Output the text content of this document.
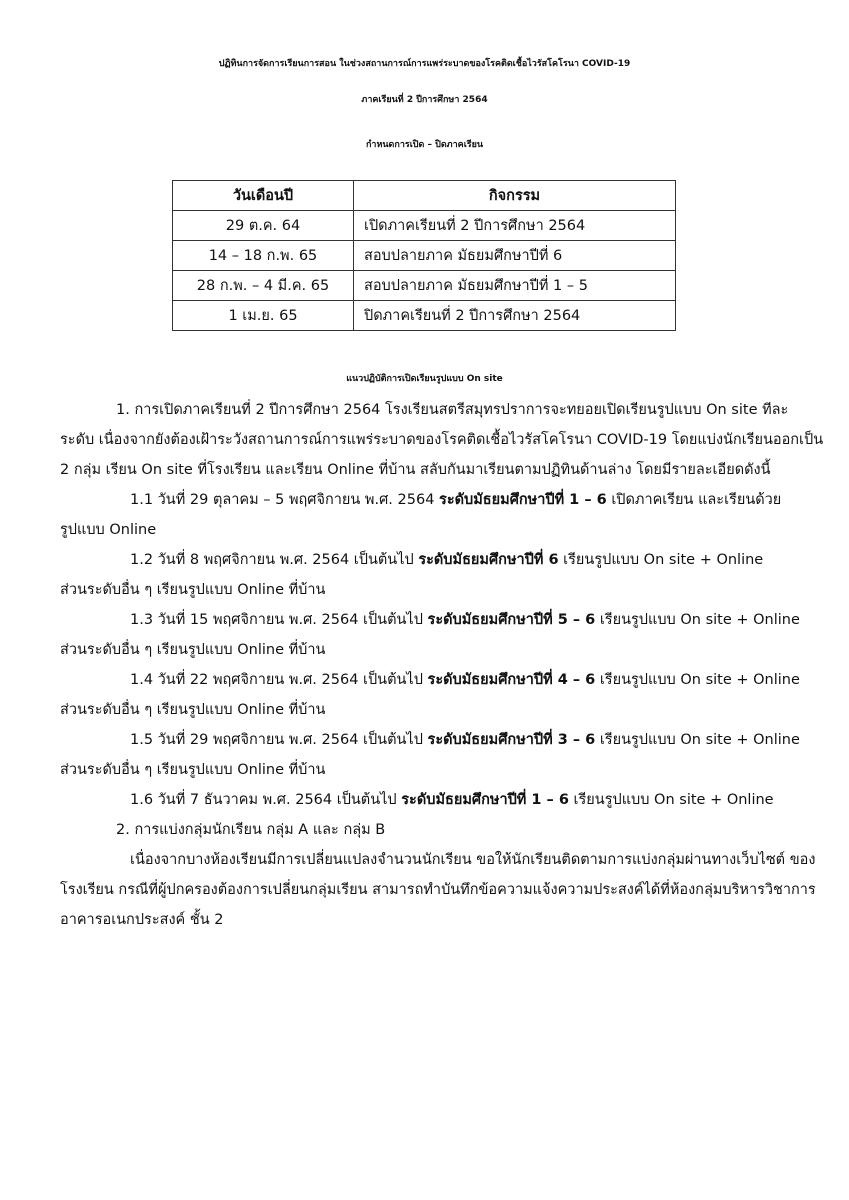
ปฏิทินการจัดการเรียนการสอน ในช่วงสถานการณ์การแพร่ระบาดของโรคติดเชื้อไวรัสโคโรนา COVID-19
ภาคเรียนที่ 2 ปีการศึกษา 2564
กำหนดการเปิด – ปิดภาคเรียน
วันเดือนปี	กิจกรรม
29 ต.ค. 64	เปิดภาคเรียนที่ 2 ปีการศึกษา 2564
14 – 18 ก.พ. 65	สอบปลายภาค มัธยมศึกษาปีที่ 6
28 ก.พ. – 4 มี.ค. 65	สอบปลายภาค มัธยมศึกษาปีที่ 1 – 5
1 เม.ย. 65	ปิดภาคเรียนที่ 2 ปีการศึกษา 2564
แนวปฏิบัติการเปิดเรียนรูปแบบ On site
1. การเปิดภาคเรียนที่ 2 ปีการศึกษา 2564 โรงเรียนสตรีสมุทรปราการจะทยอยเปิดเรียนรูปแบบ On site ทีละ
ระดับ เนื่องจากยังต้องเฝ้าระวังสถานการณ์การแพร่ระบาดของโรคติดเชื้อไวรัสโคโรนา COVID-19 โดยแบ่งนักเรียนออกเป็น
2 กลุ่ม เรียน On site ที่โรงเรียน และเรียน Online ที่บ้าน สลับกันมาเรียนตามปฏิทินด้านล่าง โดยมีรายละเอียดดังนี้
1.1 วันที่ 29 ตุลาคม – 5 พฤศจิกายน พ.ศ. 2564 ระดับมัธยมศึกษาปีที่ 1 – 6 เปิดภาคเรียน และเรียนด้วย
รูปแบบ Online
1.2 วันที่ 8 พฤศจิกายน พ.ศ. 2564 เป็นต้นไป ระดับมัธยมศึกษาปีที่ 6 เรียนรูปแบบ On site + Online
ส่วนระดับอื่น ๆ เรียนรูปแบบ Online ที่บ้าน
1.3 วันที่ 15 พฤศจิกายน พ.ศ. 2564 เป็นต้นไป ระดับมัธยมศึกษาปีที่ 5 – 6 เรียนรูปแบบ On site + Online
ส่วนระดับอื่น ๆ เรียนรูปแบบ Online ที่บ้าน
1.4 วันที่ 22 พฤศจิกายน พ.ศ. 2564 เป็นต้นไป ระดับมัธยมศึกษาปีที่ 4 – 6 เรียนรูปแบบ On site + Online
ส่วนระดับอื่น ๆ เรียนรูปแบบ Online ที่บ้าน
1.5 วันที่ 29 พฤศจิกายน พ.ศ. 2564 เป็นต้นไป ระดับมัธยมศึกษาปีที่ 3 – 6 เรียนรูปแบบ On site + Online
ส่วนระดับอื่น ๆ เรียนรูปแบบ Online ที่บ้าน
1.6 วันที่ 7 ธันวาคม พ.ศ. 2564 เป็นต้นไป ระดับมัธยมศึกษาปีที่ 1 – 6 เรียนรูปแบบ On site + Online
2. การแบ่งกลุ่มนักเรียน กลุ่ม A และ กลุ่ม B
เนื่องจากบางห้องเรียนมีการเปลี่ยนแปลงจำนวนนักเรียน ขอให้นักเรียนติดตามการแบ่งกลุ่มผ่านทางเว็บไซต์ ของ
โรงเรียน กรณีที่ผู้ปกครองต้องการเปลี่ยนกลุ่มเรียน สามารถทำบันทึกข้อความแจ้งความประสงค์ได้ที่ห้องกลุ่มบริหารวิชาการ
อาคารอเนกประสงค์ ชั้น 2
